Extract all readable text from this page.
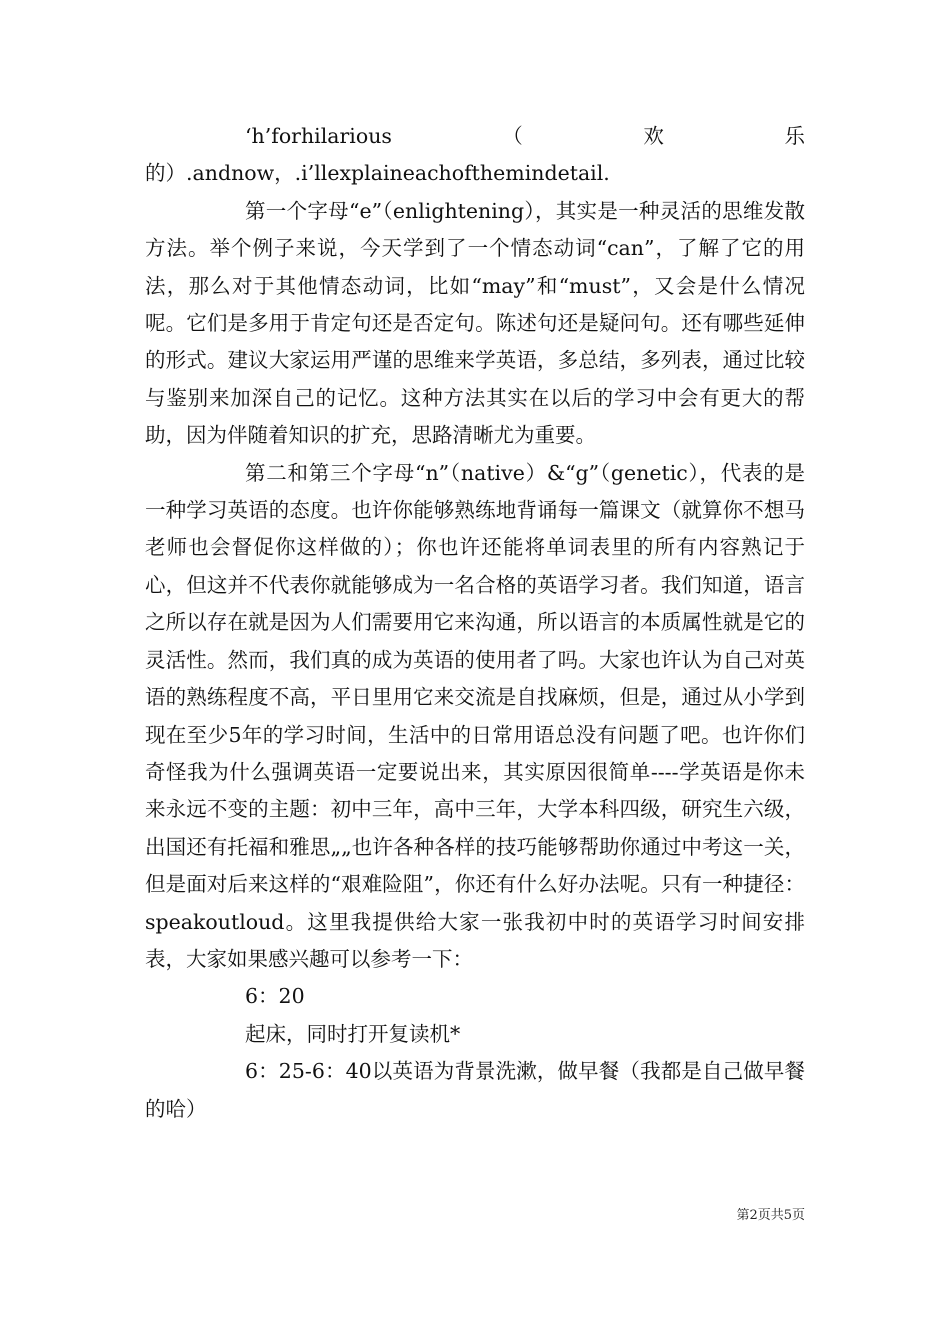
‘h’forhilarious　（　欢　乐的）.andnow，.i’llexplaineachofthemindetail.

第一个字母“e”（enlightening），其实是一种灵活的思维发散方法。举个例子来说，今天学到了一个情态动词“can”，了解了它的用法，那么对于其他情态动词，比如“may”和“must”，又会是什么情况呢。它们是多用于肯定句还是否定句。陈述句还是疑问句。还有哪些延伸的形式。建议大家运用严谨的思维来学英语，多总结，多列表，通过比较与鉴别来加深自己的记忆。这种方法其实在以后的学习中会有更大的帮助，因为伴随着知识的扩充，思路清晰尤为重要。

第二和第三个字母“n”（native）&“g”（genetic），代表的是一种学习英语的态度。也许你能够熟练地背诵每一篇课文（就算你不想马老师也会督促你这样做的）；你也许还能将单词表里的所有内容熟记于心，但这并不代表你就能够成为一名合格的英语学习者。我们知道，语言之所以存在就是因为人们需要用它来沟通，所以语言的本质属性就是它的灵活性。然而，我们真的成为英语的使用者了吗。大家也许认为自己对英语的熟练程度不高，平日里用它来交流是自找麻烦，但是，通过从小学到现在至少5年的学习时间，生活中的日常用语总没有问题了吧。也许你们奇怪我为什么强调英语一定要说出来，其实原因很简单----学英语是你未来永远不变的主题：初中三年，高中三年，大学本科四级，研究生六级，出国还有托福和雅思„„也许各种各样的技巧能够帮助你通过中考这一关，但是面对后来这样的“艰难险阻”，你还有什么好办法呢。只有一种捷径：speakoutloud。这里我提供给大家一张我初中时的英语学习时间安排表，大家如果感兴趣可以参考一下：

6：20

起床，同时打开复读机*

6：25-6：40以英语为背景洗漱，做早餐（我都是自己做早餐的哈）

第2页共5页
